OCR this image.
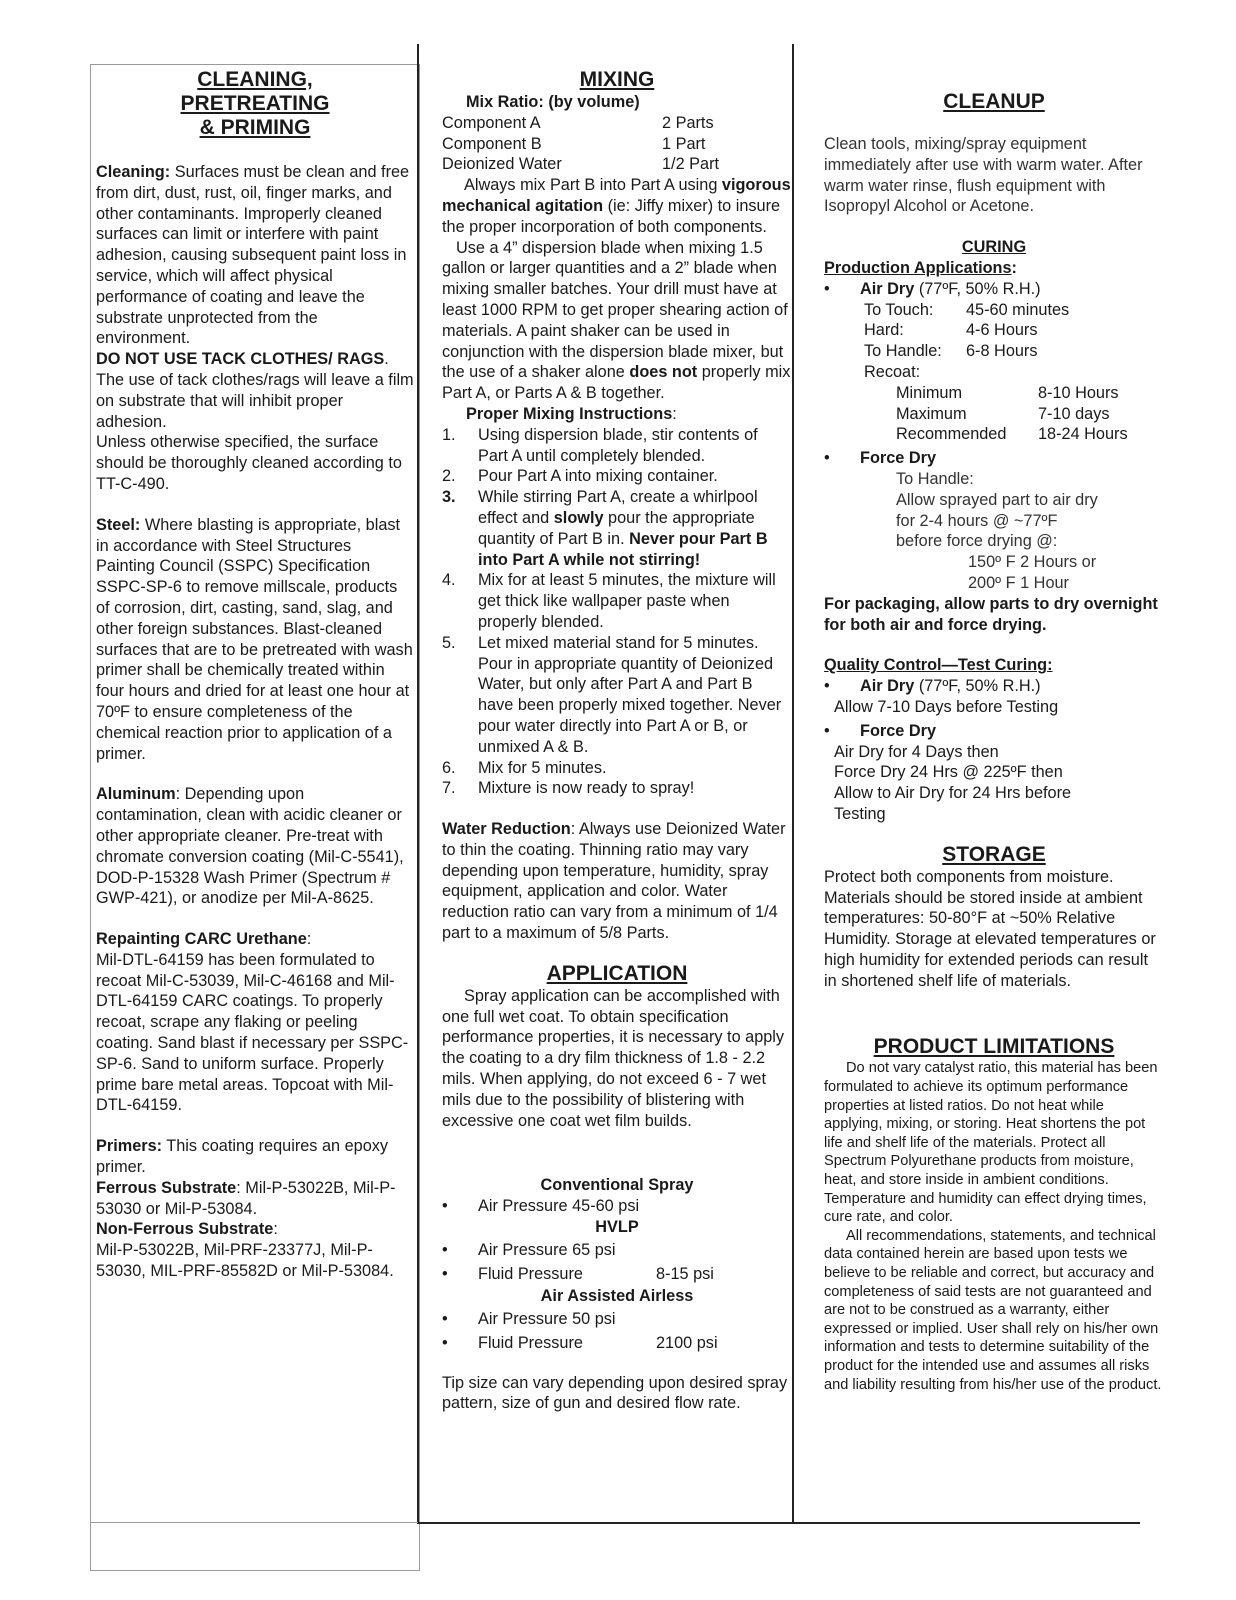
CLEANING,
PRETREATING
& PRIMING

Cleaning: Surfaces must be clean and free from dirt, dust, rust, oil, finger marks, and other contaminants. Improperly cleaned surfaces can limit or interfere with paint adhesion, causing subsequent paint loss in service, which will affect physical performance of coating and leave the substrate unprotected from the environment.

DO NOT USE TACK CLOTHES/ RAGS. The use of tack clothes/rags will leave a film on substrate that will inhibit proper adhesion.

Unless otherwise specified, the surface should be thoroughly cleaned according to TT-C-490.

Steel: Where blasting is appropriate, blast in accordance with Steel Structures Painting Council (SSPC) Specification SSPC-SP-6 to remove millscale, products of corrosion, dirt, casting, sand, slag, and other foreign substances. Blast-cleaned surfaces that are to be pretreated with wash primer shall be chemically treated within four hours and dried for at least one hour at 70ºF to ensure completeness of the chemical reaction prior to application of a primer.

Aluminum: Depending upon contamination, clean with acidic cleaner or other appropriate cleaner. Pre-treat with chromate conversion coating (Mil-C-5541), DOD-P-15328 Wash Primer (Spectrum # GWP-421), or anodize per Mil-A-8625.

Repainting CARC Urethane:

Mil-DTL-64159 has been formulated to recoat Mil-C-53039, Mil-C-46168 and Mil-DTL-64159 CARC coatings. To properly recoat, scrape any flaking or peeling coating. Sand blast if necessary per SSPC-SP-6. Sand to uniform surface. Properly prime bare metal areas. Topcoat with Mil-DTL-64159.

Primers: This coating requires an epoxy primer.

Ferrous Substrate: Mil-P-53022B, Mil-P-53030 or Mil-P-53084.

Non-Ferrous Substrate:

Mil-P-53022B, Mil-PRF-23377J, Mil-P-53030, MIL-PRF-85582D or Mil-P-53084.

MIXING

Mix Ratio: (by volume)

Component A	2 Parts
Component B	1 Part
Deionized Water	1/2 Part

Always mix Part B into Part A using vigorous mechanical agitation (ie: Jiffy mixer) to insure the proper incorporation of both components.

Use a 4” dispersion blade when mixing 1.5 gallon or larger quantities and a 2” blade when mixing smaller batches. Your drill must have at least 1000 RPM to get proper shearing action of materials. A paint shaker can be used in conjunction with the dispersion blade mixer, but the use of a shaker alone does not properly mix Part A, or Parts A & B together.

Proper Mixing Instructions:

1.	Using dispersion blade, stir contents of Part A until completely blended.
2.	Pour Part A into mixing container.
3.	While stirring Part A, create a whirlpool effect and slowly pour the appropriate quantity of Part B in. Never pour Part B into Part A while not stirring!
4.	Mix for at least 5 minutes, the mixture will get thick like wallpaper paste when properly blended.
5.	Let mixed material stand for 5 minutes. Pour in appropriate quantity of Deionized Water, but only after Part A and Part B have been properly mixed together. Never pour water directly into Part A or B, or unmixed A & B.
6.	Mix for 5 minutes.
7.	Mixture is now ready to spray!

Water Reduction: Always use Deionized Water to thin the coating. Thinning ratio may vary depending upon temperature, humidity, spray equipment, application and color. Water reduction ratio can vary from a minimum of 1/4 part to a maximum of 5/8 Parts.

APPLICATION

Spray application can be accomplished with one full wet coat. To obtain specification performance properties, it is necessary to apply the coating to a dry film thickness of 1.8 - 2.2 mils. When applying, do not exceed 6 - 7 wet mils due to the possibility of blistering with excessive one coat wet film builds.

Conventional Spray

•	Air Pressure 45-60 psi

HVLP

•	Air Pressure 65 psi
•	Fluid Pressure	8-15 psi

Air Assisted Airless

•	Air Pressure 50 psi
•	Fluid Pressure	2100 psi

Tip size can vary depending upon desired spray pattern, size of gun and desired flow rate.

CLEANUP

Clean tools, mixing/spray equipment immediately after use with warm water. After warm water rinse, flush equipment with Isopropyl Alcohol or Acetone.

CURING

Production Applications:

•	Air Dry (77ºF, 50% R.H.)
To Touch:	45-60 minutes
Hard:	4-6 Hours
To Handle:	6-8 Hours

Recoat:

Minimum	8-10 Hours
Maximum	7-10 days
Recommended	18-24 Hours
•	Force Dry

To Handle:

Allow sprayed part to air dry

for 2-4 hours @ ~77ºF

before force drying @:

150º F 2 Hours or

200º F 1 Hour

For packaging, allow parts to dry overnight for both air and force drying.

Quality Control—Test Curing:

•	Air Dry (77ºF, 50% R.H.)

Allow 7-10 Days before Testing

•	Force Dry

Air Dry for 4 Days then

Force Dry 24 Hrs @ 225ºF then

Allow to Air Dry for 24 Hrs before

Testing

STORAGE

Protect both components from moisture. Materials should be stored inside at ambient temperatures: 50-80°F at ~50% Relative Humidity. Storage at elevated temperatures or high humidity for extended periods can result in shortened shelf life of materials.

PRODUCT LIMITATIONS

Do not vary catalyst ratio, this material has been formulated to achieve its optimum performance properties at listed ratios. Do not heat while applying, mixing, or storing. Heat shortens the pot life and shelf life of the materials. Protect all Spectrum Polyurethane products from moisture, heat, and store inside in ambient conditions. Temperature and humidity can effect drying times, cure rate, and color.

All recommendations, statements, and technical data contained herein are based upon tests we believe to be reliable and correct, but accuracy and completeness of said tests are not guaranteed and are not to be construed as a warranty, either expressed or implied. User shall rely on his/her own information and tests to determine suitability of the product for the intended use and assumes all risks and liability resulting from his/her use of the product.
